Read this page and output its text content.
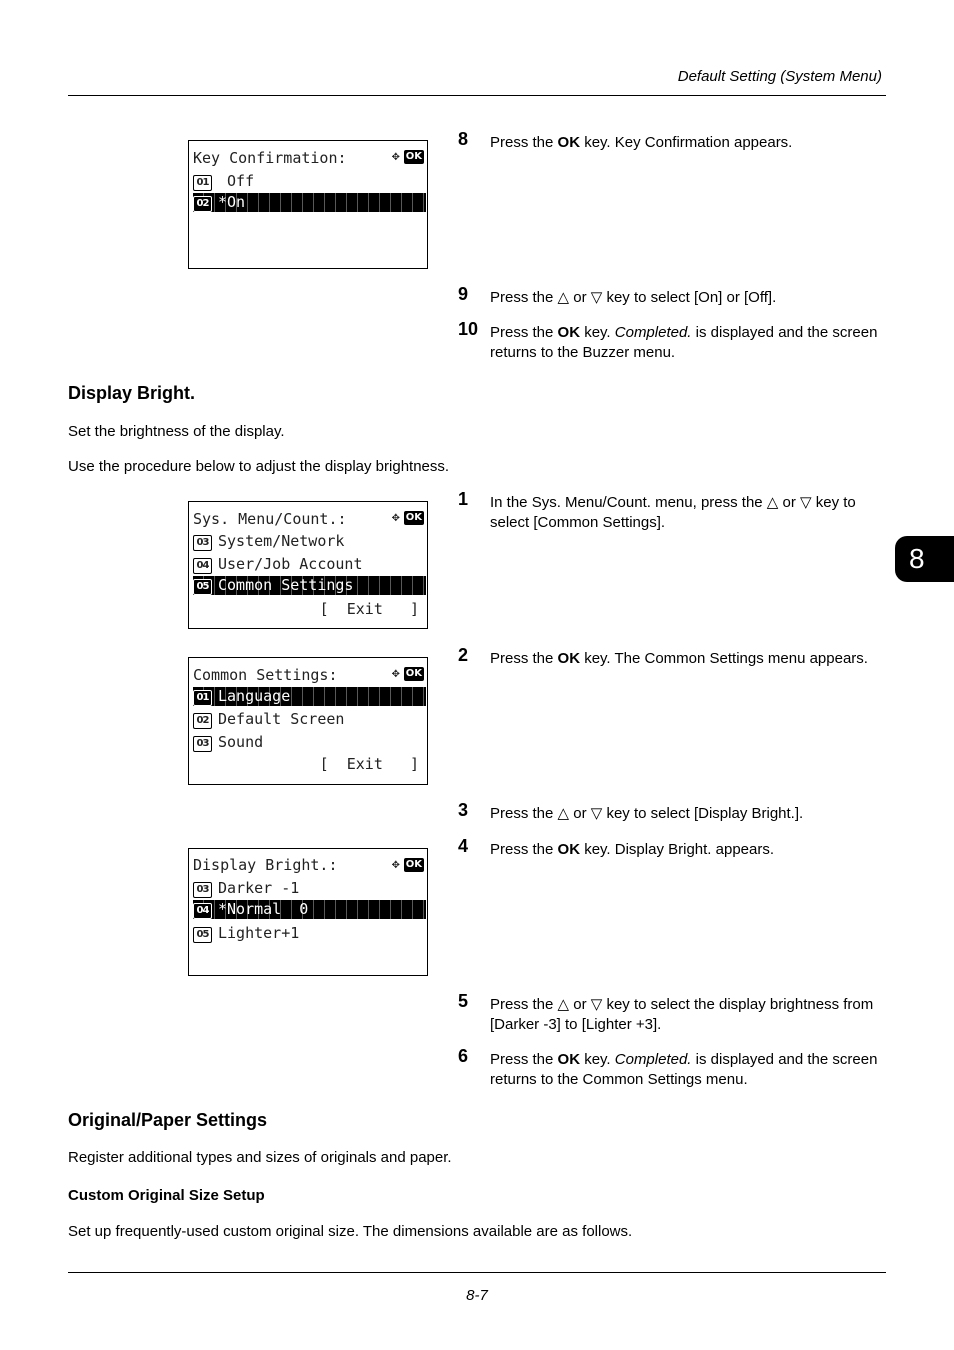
Default Setting (System Menu)
8
Key Confirmation:	✥ OK
01 Off
02 *On
8 Press the OK key. Key Confirmation appears.
9 Press the △ or ▽ key to select [On] or [Off].
10 Press the OK key. Completed. is displayed and the screen returns to the Buzzer menu.
Display Bright.
Set the brightness of the display.
Use the procedure below to adjust the display brightness.
Sys. Menu/Count.:	✥ OK
03 System/Network
04 User/Job Account
05 Common Settings
[  Exit   ]
1 In the Sys. Menu/Count. menu, press the △ or ▽ key to select [Common Settings].
Common Settings:	✥ OK
01 Language
02 Default Screen
03 Sound
[  Exit   ]
2 Press the OK key. The Common Settings menu appears.
3 Press the △ or ▽ key to select [Display Bright.].
4 Press the OK key. Display Bright. appears.
Display Bright.:	✥ OK
03 Darker -1
04 *Normal  0
05 Lighter+1
5 Press the △ or ▽ key to select the display brightness from [Darker -3] to [Lighter +3].
6 Press the OK key. Completed. is displayed and the screen returns to the Common Settings menu.
Original/Paper Settings
Register additional types and sizes of originals and paper.
Custom Original Size Setup
Set up frequently-used custom original size. The dimensions available are as follows.
8-7
